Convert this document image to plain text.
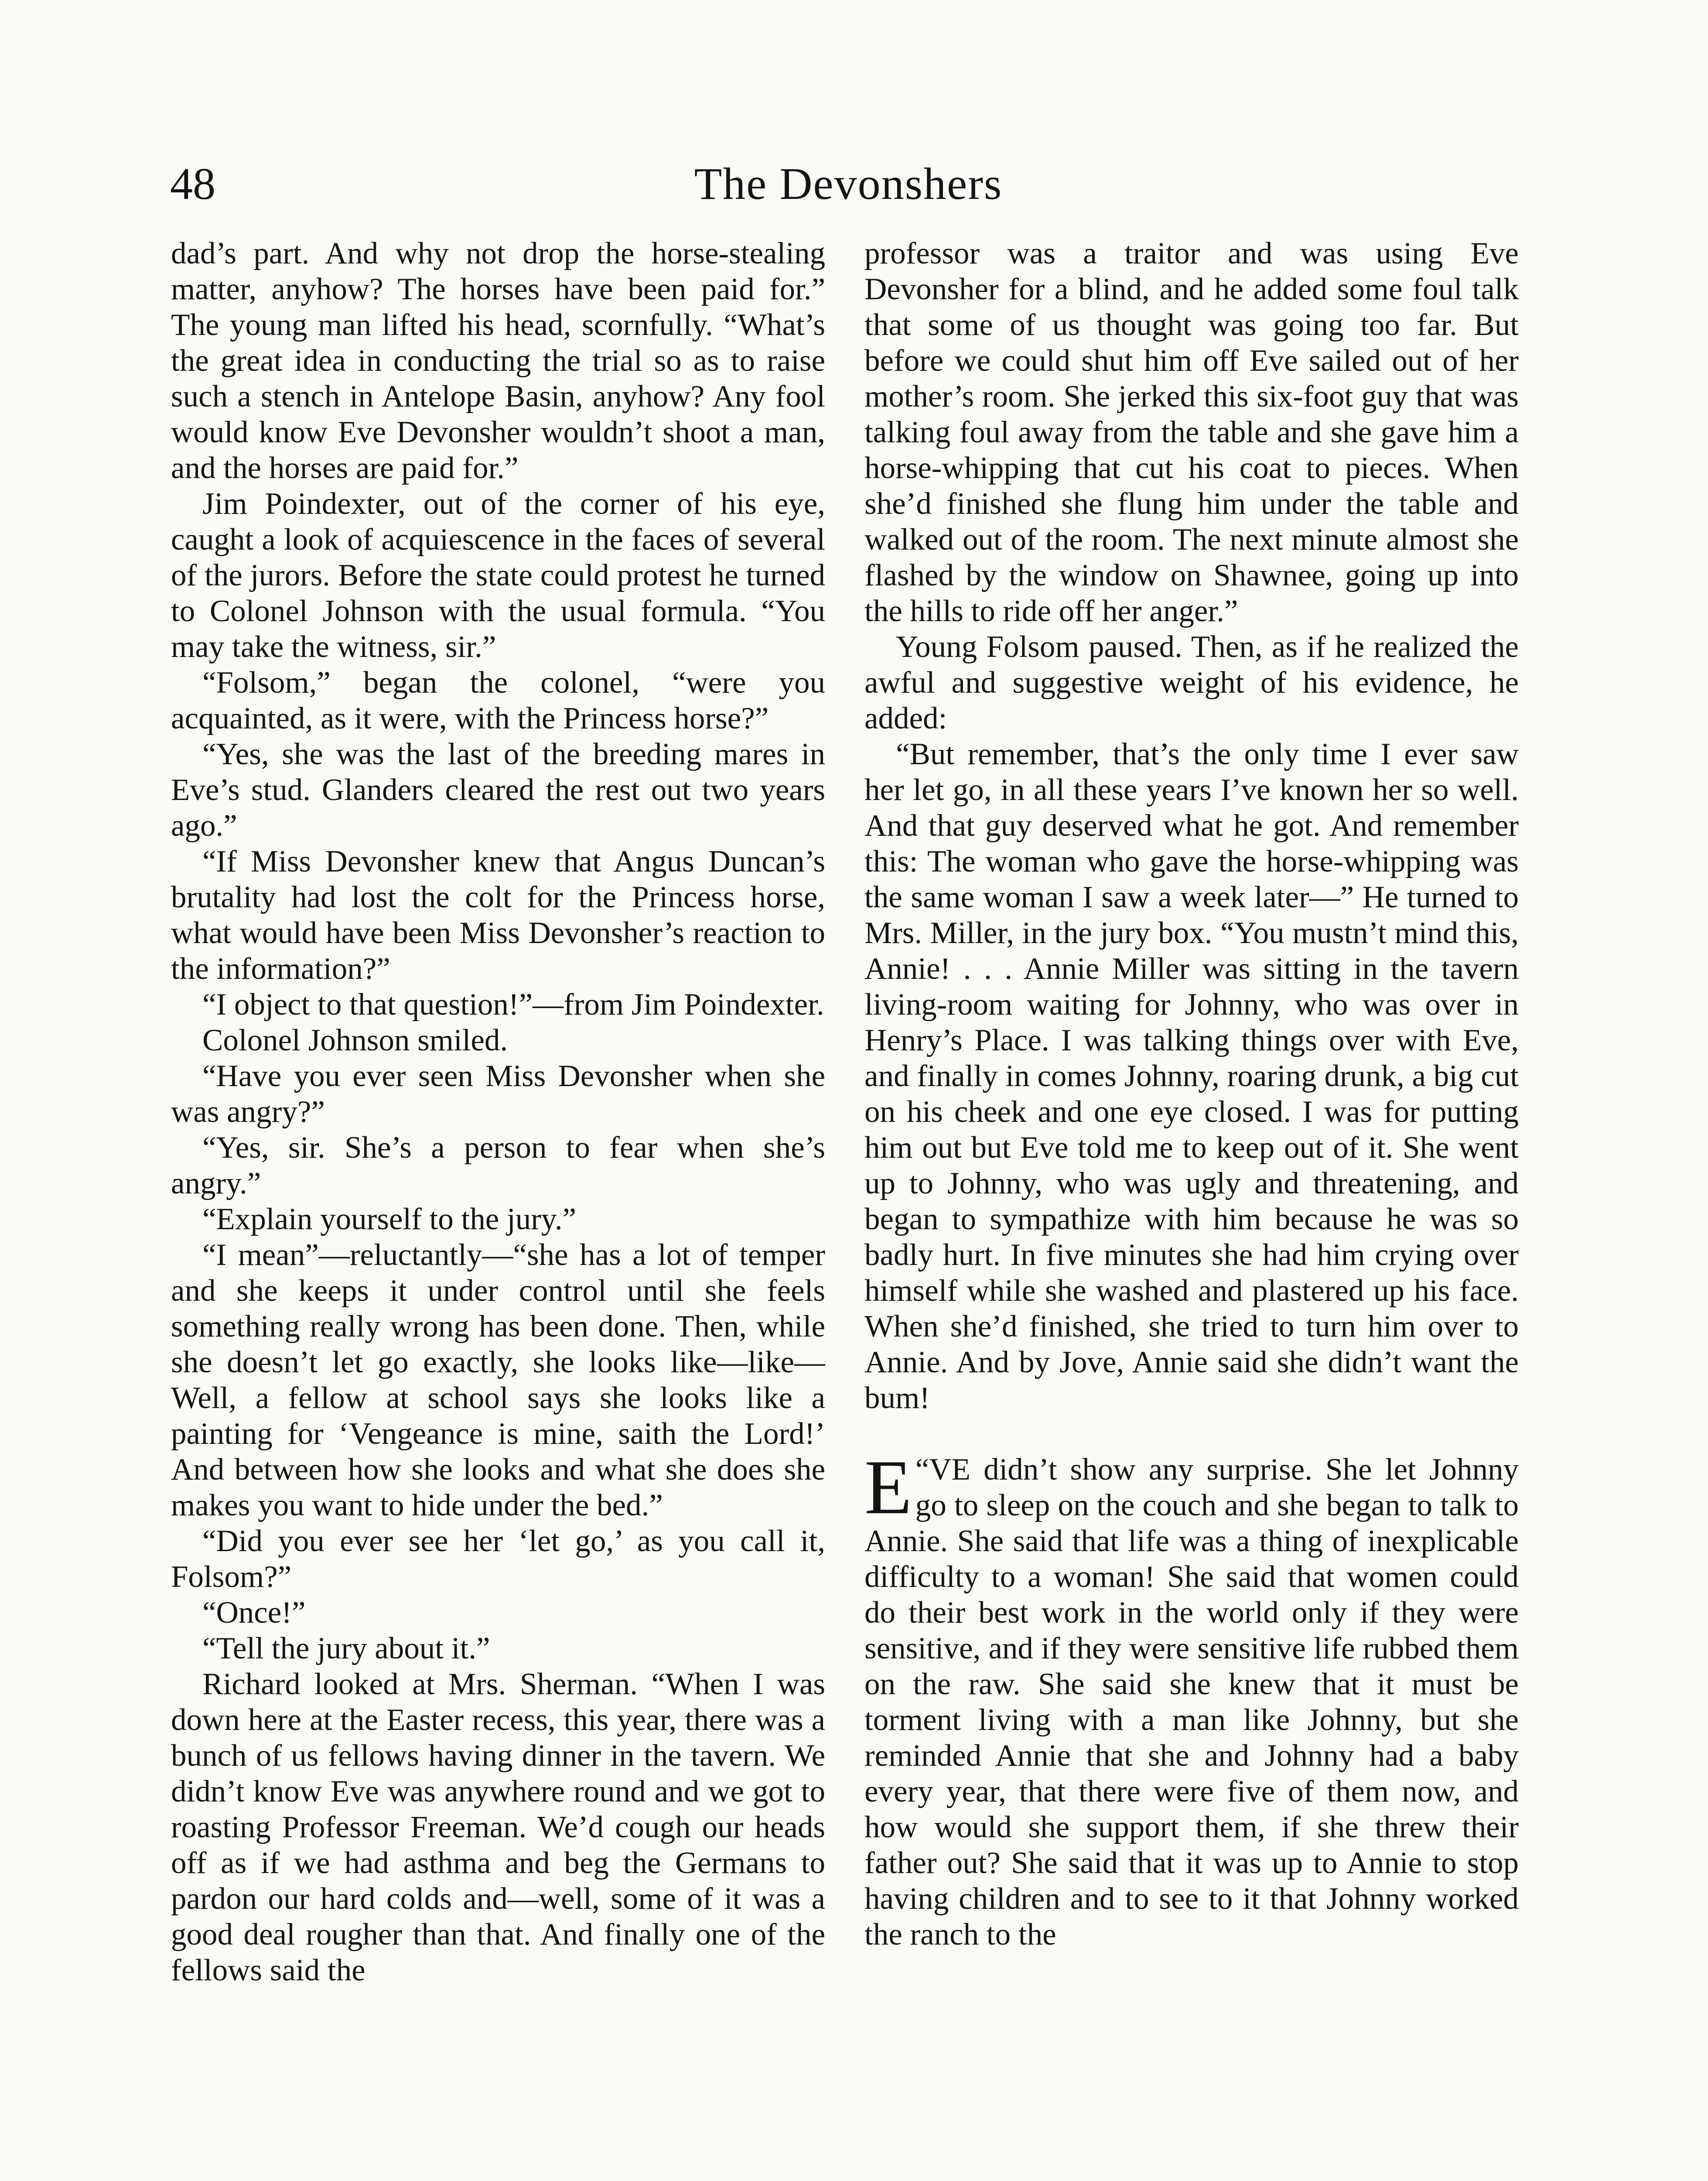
48	The Devonshers

dad’s part. And why not drop the horse-stealing matter, anyhow? The horses have been paid for.” The young man lifted his head, scornfully. “What’s the great idea in conducting the trial so as to raise such a stench in Antelope Basin, anyhow? Any fool would know Eve Devonsher wouldn’t shoot a man, and the horses are paid for.”

Jim Poindexter, out of the corner of his eye, caught a look of acquiescence in the faces of several of the jurors. Before the state could protest he turned to Colonel Johnson with the usual formula. “You may take the witness, sir.”

“Folsom,” began the colonel, “were you acquainted, as it were, with the Princess horse?”

“Yes, she was the last of the breeding mares in Eve’s stud. Glanders cleared the rest out two years ago.”

“If Miss Devonsher knew that Angus Duncan’s brutality had lost the colt for the Princess horse, what would have been Miss Devonsher’s reaction to the information?”

“I object to that question!”—from Jim Poindexter.

Colonel Johnson smiled.

“Have you ever seen Miss Devonsher when she was angry?”

“Yes, sir. She’s a person to fear when she’s angry.”

“Explain yourself to the jury.”

“I mean”—reluctantly—“she has a lot of temper and she keeps it under control until she feels something really wrong has been done. Then, while she doesn’t let go exactly, she looks like—like— Well, a fellow at school says she looks like a painting for ‘Vengeance is mine, saith the Lord!’ And between how she looks and what she does she makes you want to hide under the bed.”

“Did you ever see her ‘let go,’ as you call it, Folsom?”

“Once!”

“Tell the jury about it.”

Richard looked at Mrs. Sherman. “When I was down here at the Easter recess, this year, there was a bunch of us fellows having dinner in the tavern. We didn’t know Eve was anywhere round and we got to roasting Professor Freeman. We’d cough our heads off as if we had asthma and beg the Germans to pardon our hard colds and—well, some of it was a good deal rougher than that. And finally one of the fellows said the

professor was a traitor and was using Eve Devonsher for a blind, and he added some foul talk that some of us thought was going too far. But before we could shut him off Eve sailed out of her mother’s room. She jerked this six-foot guy that was talking foul away from the table and she gave him a horse-whipping that cut his coat to pieces. When she’d finished she flung him under the table and walked out of the room. The next minute almost she flashed by the window on Shawnee, going up into the hills to ride off her anger.”

Young Folsom paused. Then, as if he realized the awful and suggestive weight of his evidence, he added:

“But remember, that’s the only time I ever saw her let go, in all these years I’ve known her so well. And that guy deserved what he got. And remember this: The woman who gave the horse-whipping was the same woman I saw a week later—” He turned to Mrs. Miller, in the jury box. “You mustn’t mind this, Annie! . . . Annie Miller was sitting in the tavern living-room waiting for Johnny, who was over in Henry’s Place. I was talking things over with Eve, and finally in comes Johnny, roaring drunk, a big cut on his cheek and one eye closed. I was for putting him out but Eve told me to keep out of it. She went up to Johnny, who was ugly and threatening, and began to sympathize with him because he was so badly hurt. In five minutes she had him crying over himself while she washed and plastered up his face. When she’d finished, she tried to turn him over to Annie. And by Jove, Annie said she didn’t want the bum!

“
E VE didn’t show any surprise. She let Johnny go to sleep on the couch and she began to talk to Annie. She said that life was a thing of inexplicable difficulty to a woman! She said that women could do their best work in the world only if they were sensitive, and if they were sensitive life rubbed them on the raw. She said she knew that it must be torment living with a man like Johnny, but she reminded Annie that she and Johnny had a baby every year, that there were five of them now, and how would she support them, if she threw their father out? She said that it was up to Annie to stop having children and to see to it that Johnny worked the ranch to the
